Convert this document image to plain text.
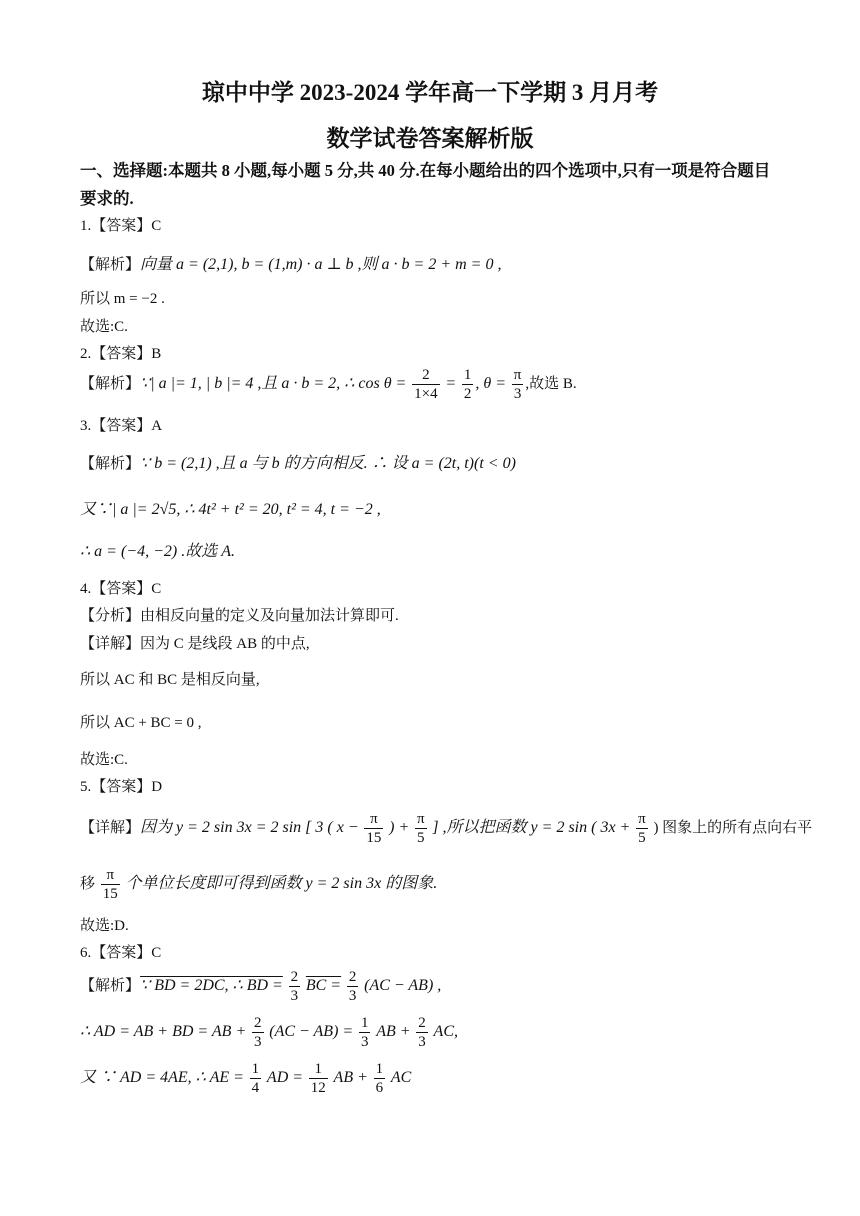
琼中中学 2023-2024 学年高一下学期 3 月月考
数学试卷答案解析版
一、选择题:本题共 8 小题,每小题 5 分,共 40 分.在每小题给出的四个选项中,只有一项是符合题目要求的.
1.【答案】C
【解析】向量 a = (2,1), b = (1,m) · a ⊥ b ,则 a · b = 2 + m = 0 ,
所以 m = −2 .
故选:C.
2.【答案】B
【解析】∵| a |= 1, | b |= 4 ,且 a · b = 2, ∴ $\cos \theta = \frac{2}{1\times 4} = \frac{1}{2}$ , $\theta = \frac{\pi}{3}$ ,故选 B.
3.【答案】A
【解析】∵ b = (2,1) ,且 a 与 b 的方向相反. ∴ 设 a = (2t, t)(t < 0)
又∵| a |= 2√5, ∴ 4t² + t² = 20, t² = 4, t = −2 ,
∴ a = (−4, −2) .故选 A.
4.【答案】C
【分析】由相反向量的定义及向量加法计算即可.
【详解】因为 C 是线段 AB 的中点,
所以 AC 和 BC 是相反向量,
所以 AC + BC = 0 ,
故选:C.
5.【答案】D
【详解】因为 y = 2 sin 3x = 2 sin [ 3 ( $x - \frac{\pi}{15}$ ) + $\frac{\pi}{5}$ ] ,所以把函数 y = 2 sin ( $3x + \frac{\pi}{5}$ ) 图象上的所有点向右平
移 $\frac{\pi}{15}$ 个单位长度即可得到函数 y = 2 sin 3x 的图象.
故选:D.
6.【答案】C
【解析】∵ BD = 2DC, ∴ BD = $\frac{2}{3}$ BC = $\frac{2}{3} (AC - AB)$ ,
∴ AD = AB + BD = AB + $\frac{2}{3} (AC - AB) = \frac{1}{3}$ AB + $\frac{2}{3}$ AC,
又 ∵ AD = 4AE, ∴ AE = $\frac{1}{4}$ AD = $\frac{1}{12}$ AB + $\frac{1}{6}$ AC
